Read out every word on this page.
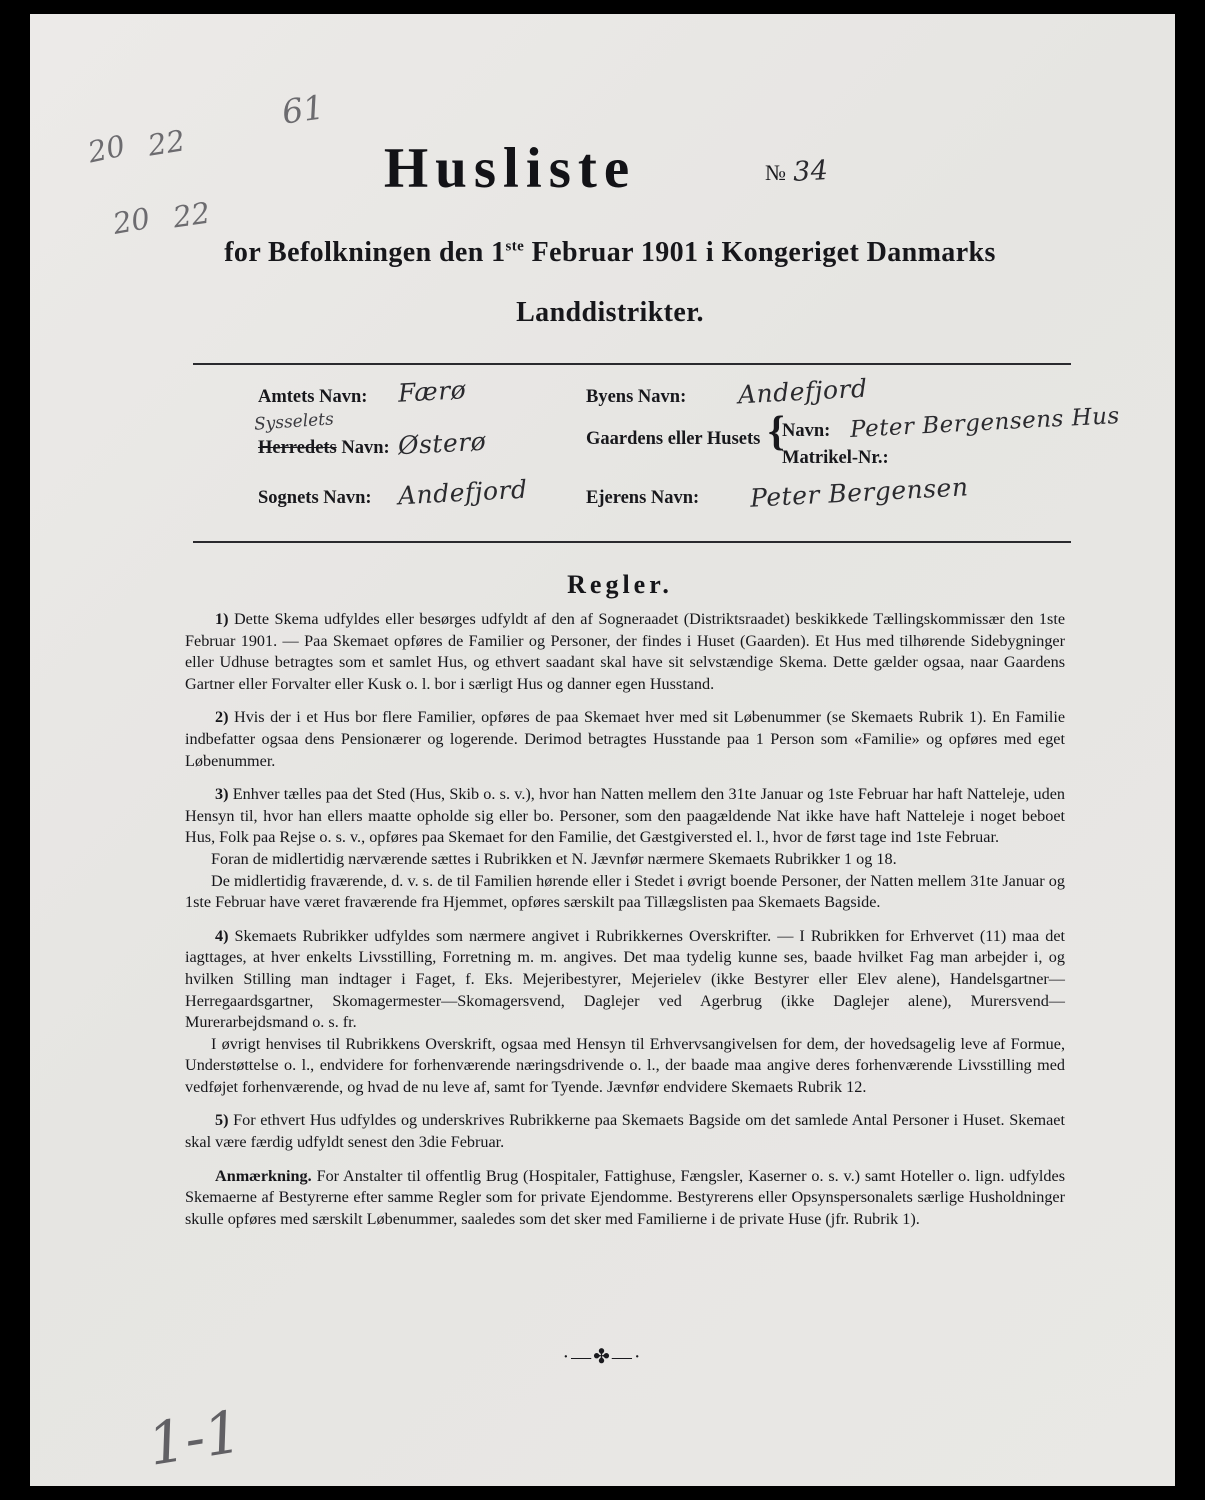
20 22
61
20 22
1-1
Husliste	№ 34
for Befolkningen den 1ste Februar 1901 i Kongeriget Danmarks
Landdistrikter.
Amtets Navn: Færø
Sysselets
Herredets Navn: Østerø
Sognets Navn: Andefjord
Byens Navn: Andefjord
Gaardens eller Husets {
Navn: Peter Bergensens Hus
Matrikel-Nr.:
Ejerens Navn: Peter Bergensen
Regler.

1) Dette Skema udfyldes eller besørges udfyldt af den af Sogneraadet (Distriktsraadet) beskikkede Tællingskommissær den 1ste Februar 1901. — Paa Skemaet opføres de Familier og Personer, der findes i Huset (Gaarden). Et Hus med tilhørende Sidebygninger eller Udhuse betragtes som et samlet Hus, og ethvert saadant skal have sit selvstændige Skema. Dette gælder ogsaa, naar Gaardens Gartner eller Forvalter eller Kusk o. l. bor i særligt Hus og danner egen Husstand.

2) Hvis der i et Hus bor flere Familier, opføres de paa Skemaet hver med sit Løbenummer (se Skemaets Rubrik 1). En Familie indbefatter ogsaa dens Pensionærer og logerende. Derimod betragtes Husstande paa 1 Person som «Familie» og opføres med eget Løbenummer.

3) Enhver tælles paa det Sted (Hus, Skib o. s. v.), hvor han Natten mellem den 31te Januar og 1ste Februar har haft Natteleje, uden Hensyn til, hvor han ellers maatte opholde sig eller bo. Personer, som den paagældende Nat ikke have haft Natteleje i noget beboet Hus, Folk paa Rejse o. s. v., opføres paa Skemaet for den Familie, det Gæstgiversted el. l., hvor de først tage ind 1ste Februar.

Foran de midlertidig nærværende sættes i Rubrikken et N. Jævnfør nærmere Skemaets Rubrikker 1 og 18.

De midlertidig fraværende, d. v. s. de til Familien hørende eller i Stedet i øvrigt boende Personer, der Natten mellem 31te Januar og 1ste Februar have været fraværende fra Hjemmet, opføres særskilt paa Tillægslisten paa Skemaets Bagside.

4) Skemaets Rubrikker udfyldes som nærmere angivet i Rubrikkernes Overskrifter. — I Rubrikken for Erhvervet (11) maa det iagttages, at hver enkelts Livsstilling, Forretning m. m. angives. Det maa tydelig kunne ses, baade hvilket Fag man arbejder i, og hvilken Stilling man indtager i Faget, f. Eks. Mejeribestyrer, Mejerielev (ikke Bestyrer eller Elev alene), Handelsgartner—Herregaardsgartner, Skomagermester—Skomagersvend, Daglejer ved Agerbrug (ikke Daglejer alene), Murersvend—Murerarbejdsmand o. s. fr.

I øvrigt henvises til Rubrikkens Overskrift, ogsaa med Hensyn til Erhvervsangivelsen for dem, der hovedsagelig leve af Formue, Understøttelse o. l., endvidere for forhenværende næringsdrivende o. l., der baade maa angive deres forhenværende Livsstilling med vedføjet forhenværende, og hvad de nu leve af, samt for Tyende. Jævnfør endvidere Skemaets Rubrik 12.

5) For ethvert Hus udfyldes og underskrives Rubrikkerne paa Skemaets Bagside om det samlede Antal Personer i Huset. Skemaet skal være færdig udfyldt senest den 3die Februar.

Anmærkning. For Anstalter til offentlig Brug (Hospitaler, Fattighuse, Fængsler, Kaserner o. s. v.) samt Hoteller o. lign. udfyldes Skemaerne af Bestyrerne efter samme Regler som for private Ejendomme. Bestyrerens eller Opsynspersonalets særlige Husholdninger skulle opføres med særskilt Løbenummer, saaledes som det sker med Familierne i de private Huse (jfr. Rubrik 1).

·—✤—·
